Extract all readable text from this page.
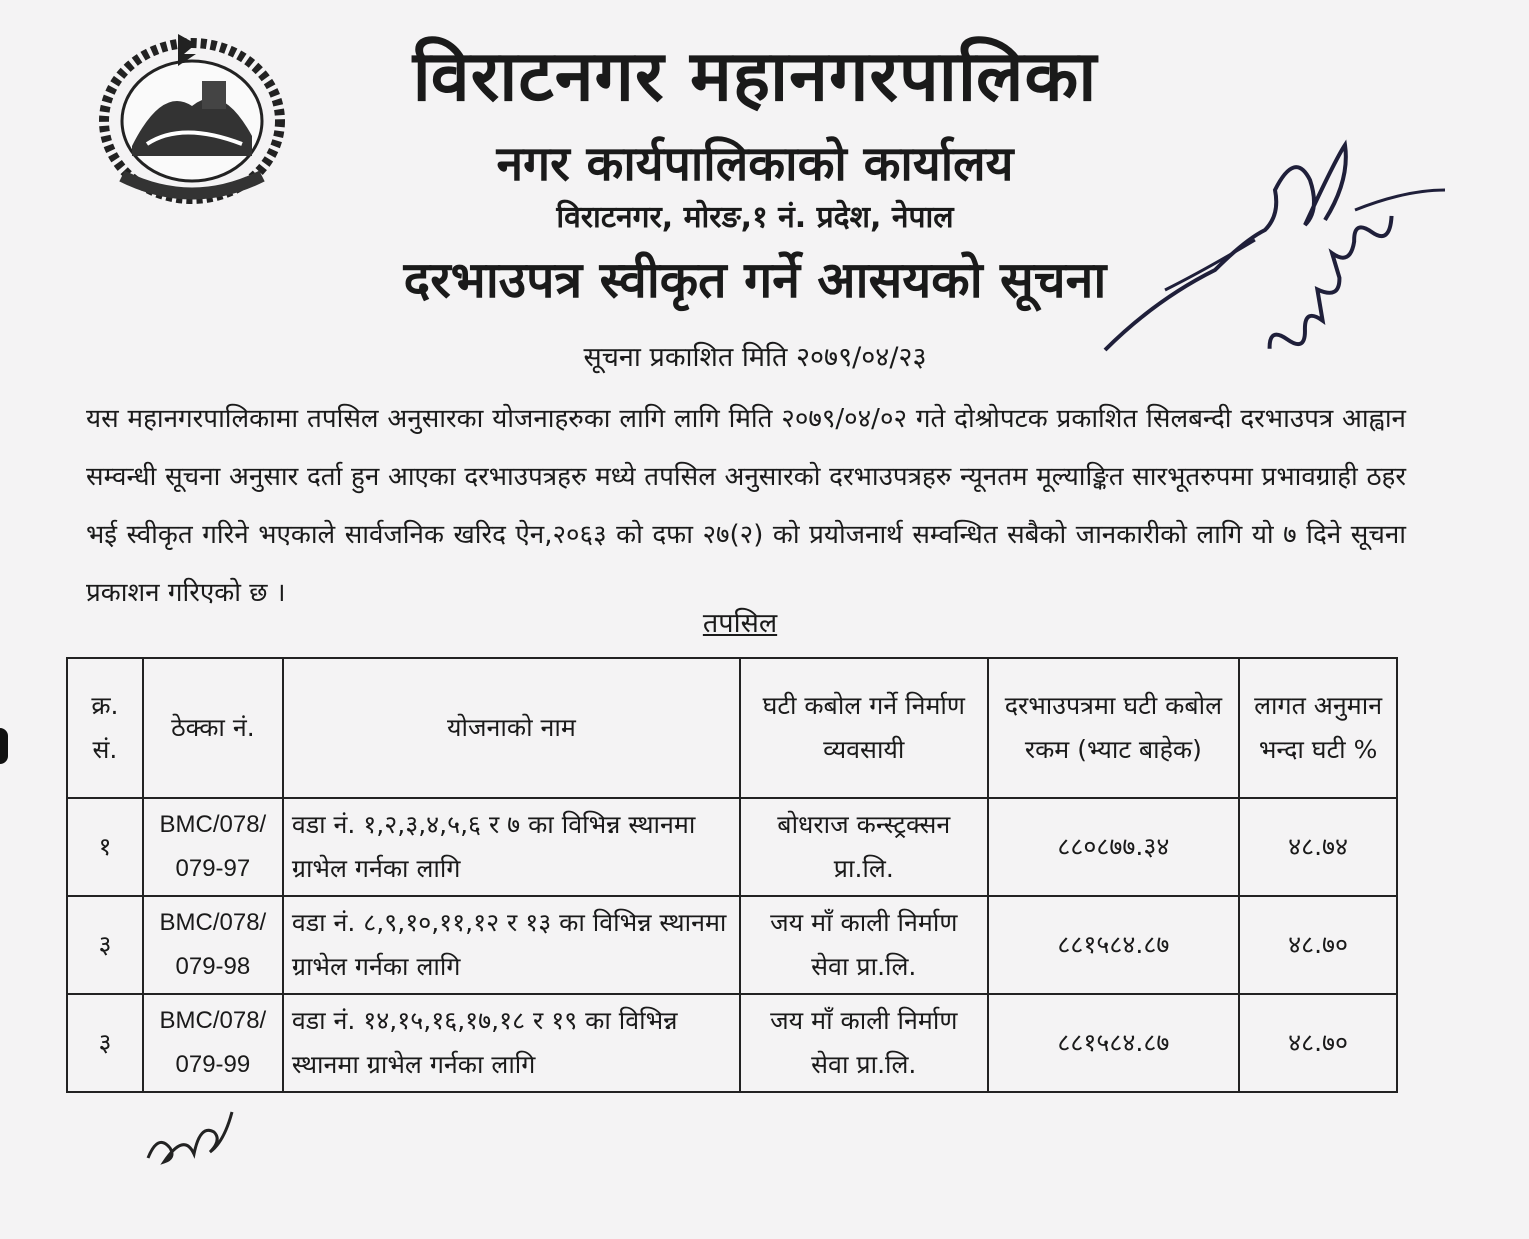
विराटनगर महानगरपालिका
नगर कार्यपालिकाको कार्यालय
विराटनगर, मोरङ,१ नं. प्रदेश, नेपाल
दरभाउपत्र स्वीकृत गर्ने आसयको सूचना
सूचना प्रकाशित मिति २०७९/०४/२३
यस महानगरपालिकामा तपसिल अनुसारका योजनाहरुका लागि लागि मिति २०७९/०४/०२ गते दोश्रोपटक प्रकाशित सिलबन्दी दरभाउपत्र आह्वान सम्वन्धी सूचना अनुसार दर्ता हुन आएका दरभाउपत्रहरु मध्ये तपसिल अनुसारको दरभाउपत्रहरु न्यूनतम मूल्याङ्कित सारभूतरुपमा प्रभावग्राही ठहर भई स्वीकृत गरिने भएकाले सार्वजनिक खरिद ऐन,२०६३ को दफा २७(२) को प्रयोजनार्थ सम्वन्धित सबैको जानकारीको लागि यो ७ दिने सूचना प्रकाशन गरिएको छ ।
तपसिल
क्र. सं.	ठेक्का नं.	योजनाको नाम	घटी कबोल गर्ने निर्माण व्यवसायी	दरभाउपत्रमा घटी कबोल रकम (भ्याट बाहेक)	लागत अनुमान भन्दा घटी %
१	BMC/078/ 079-97	वडा नं. १,२,३,४,५,६ र ७ का विभिन्न स्थानमा ग्राभेल गर्नका लागि	बोधराज कन्स्ट्रक्सन प्रा.लि.	८८०८७७.३४	४८.७४
३	BMC/078/ 079-98	वडा नं. ८,९,१०,११,१२ र १३ का विभिन्न स्थानमा ग्राभेल गर्नका लागि	जय माँ काली निर्माण सेवा प्रा.लि.	८८१५८४.८७	४८.७०
३	BMC/078/ 079-99	वडा नं. १४,१५,१६,१७,१८ र १९ का विभिन्न स्थानमा ग्राभेल गर्नका लागि	जय माँ काली निर्माण सेवा प्रा.लि.	८८१५८४.८७	४८.७०
